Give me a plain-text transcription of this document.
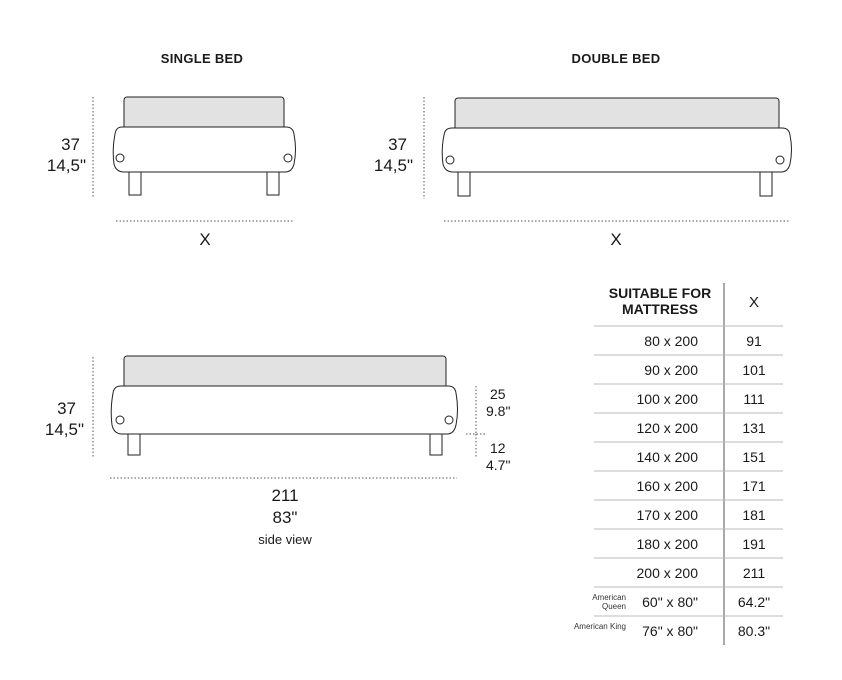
SINGLE BED
37
14,5"
X
DOUBLE BED
37
14,5"
X
37
14,5"
25
9.8"
12
4.7"
211
83"
side view
SUITABLE FOR MATTRESS	X
80 x 200	91
90 x 200	101
100 x 200	111
120 x 200	131
140 x 200	151
160 x 200	171
170 x 200	181
180 x 200	191
200 x 200	211
American Queen	60" x 80"	64.2"
American King	76" x 80"	80.3"
